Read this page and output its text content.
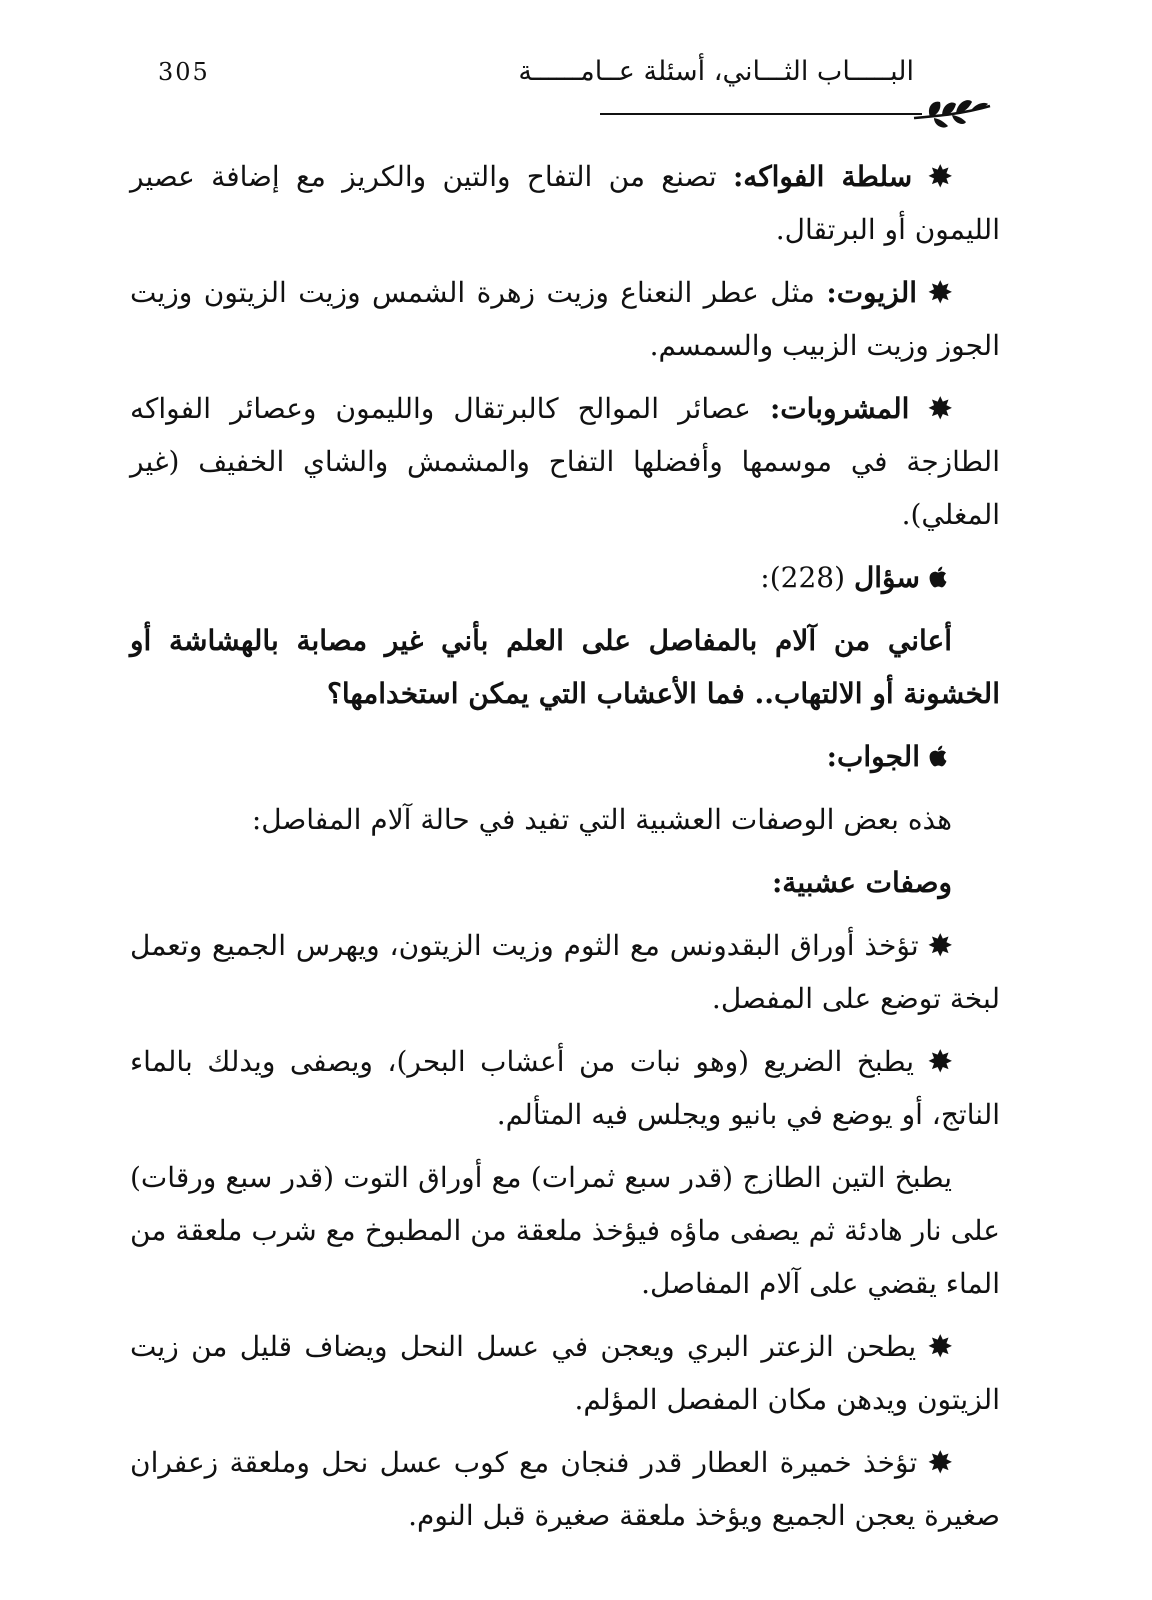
305	البـــــاب الثـــاني، أسئلة عــامــــــة

✸ سلطة الفواكه: تصنع من التفاح والتين والكريز مع إضافة عصير الليمون أو البرتقال.

✸ الزيوت: مثل عطر النعناع وزيت زهرة الشمس وزيت الزيتون وزيت الجوز وزيت الزبيب والسمسم.

✸ المشروبات: عصائر الموالح كالبرتقال والليمون وعصائر الفواكه الطازجة في موسمها وأفضلها التفاح والمشمش والشاي الخفيف (غير المغلي).

سؤال (228):

أعاني من آلام بالمفاصل على العلم بأني غير مصابة بالهشاشة أو الخشونة أو الالتهاب.. فما الأعشاب التي يمكن استخدامها؟

الجواب:

هذه بعض الوصفات العشبية التي تفيد في حالة آلام المفاصل:

وصفات عشبية:

✸ تؤخذ أوراق البقدونس مع الثوم وزيت الزيتون، ويهرس الجميع وتعمل لبخة توضع على المفصل.

✸ يطبخ الضريع (وهو نبات من أعشاب البحر)، ويصفى ويدلك بالماء الناتج، أو يوضع في بانيو ويجلس فيه المتألم.

يطبخ التين الطازج (قدر سبع ثمرات) مع أوراق التوت (قدر سبع ورقات) على نار هادئة ثم يصفى ماؤه فيؤخذ ملعقة من المطبوخ مع شرب ملعقة من الماء يقضي على آلام المفاصل.

✸ يطحن الزعتر البري ويعجن في عسل النحل ويضاف قليل من زيت الزيتون ويدهن مكان المفصل المؤلم.

✸ تؤخذ خميرة العطار قدر فنجان مع كوب عسل نحل وملعقة زعفران صغيرة يعجن الجميع ويؤخذ ملعقة صغيرة قبل النوم.
